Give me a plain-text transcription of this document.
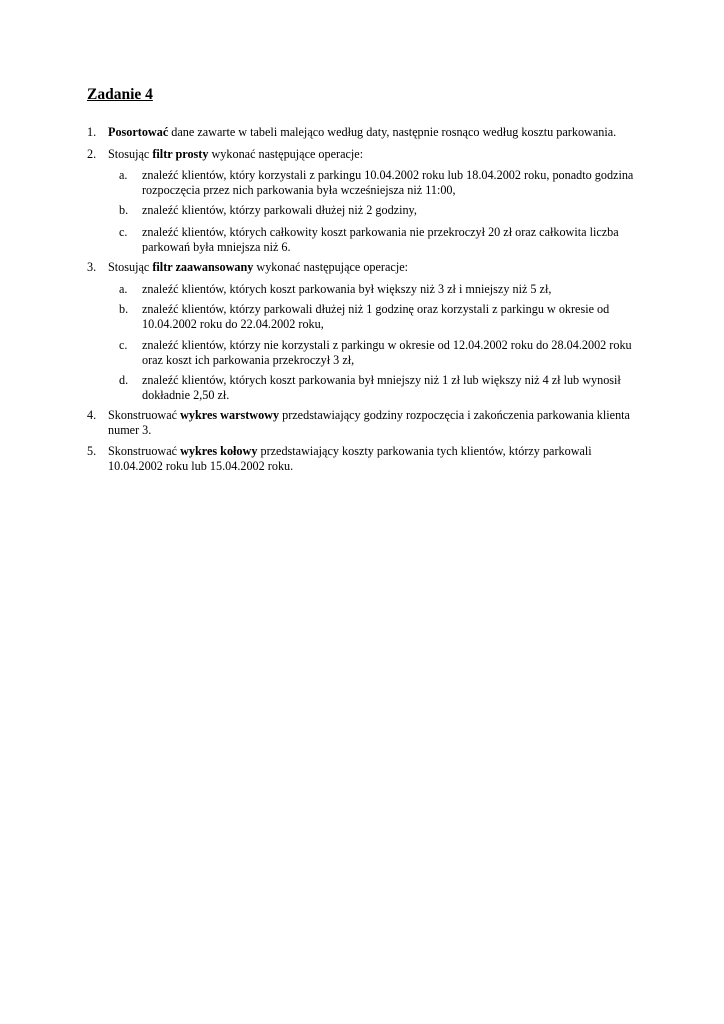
Zadanie 4
1. Posortować dane zawarte w tabeli malejąco według daty, następnie rosnąco według kosztu parkowania.
2. Stosując filtr prosty wykonać następujące operacje:
a. znaleźć klientów, który korzystali z parkingu 10.04.2002 roku lub 18.04.2002 roku, ponadto godzina rozpoczęcia przez nich parkowania była wcześniejsza niż 11:00,
b. znaleźć klientów, którzy parkowali dłużej niż 2 godziny,
c. znaleźć klientów, których całkowity koszt parkowania nie przekroczył 20 zł oraz całkowita liczba parkowań była mniejsza niż 6.
3. Stosując filtr zaawansowany wykonać następujące operacje:
a. znaleźć klientów, których koszt parkowania był większy niż 3 zł i mniejszy niż 5 zł,
b. znaleźć klientów, którzy parkowali dłużej niż 1 godzinę oraz korzystali z parkingu w okresie od 10.04.2002 roku do 22.04.2002 roku,
c. znaleźć klientów, którzy nie korzystali z parkingu w okresie od 12.04.2002 roku do 28.04.2002 roku oraz koszt ich parkowania przekroczył 3 zł,
d. znaleźć klientów, których koszt parkowania był mniejszy niż 1 zł lub większy niż 4 zł lub wynosił dokładnie 2,50 zł.
4. Skonstruować wykres warstwowy przedstawiający godziny rozpoczęcia i zakończenia parkowania klienta numer 3.
5. Skonstruować wykres kołowy przedstawiający koszty parkowania tych klientów, którzy parkowali 10.04.2002 roku lub 15.04.2002 roku.
